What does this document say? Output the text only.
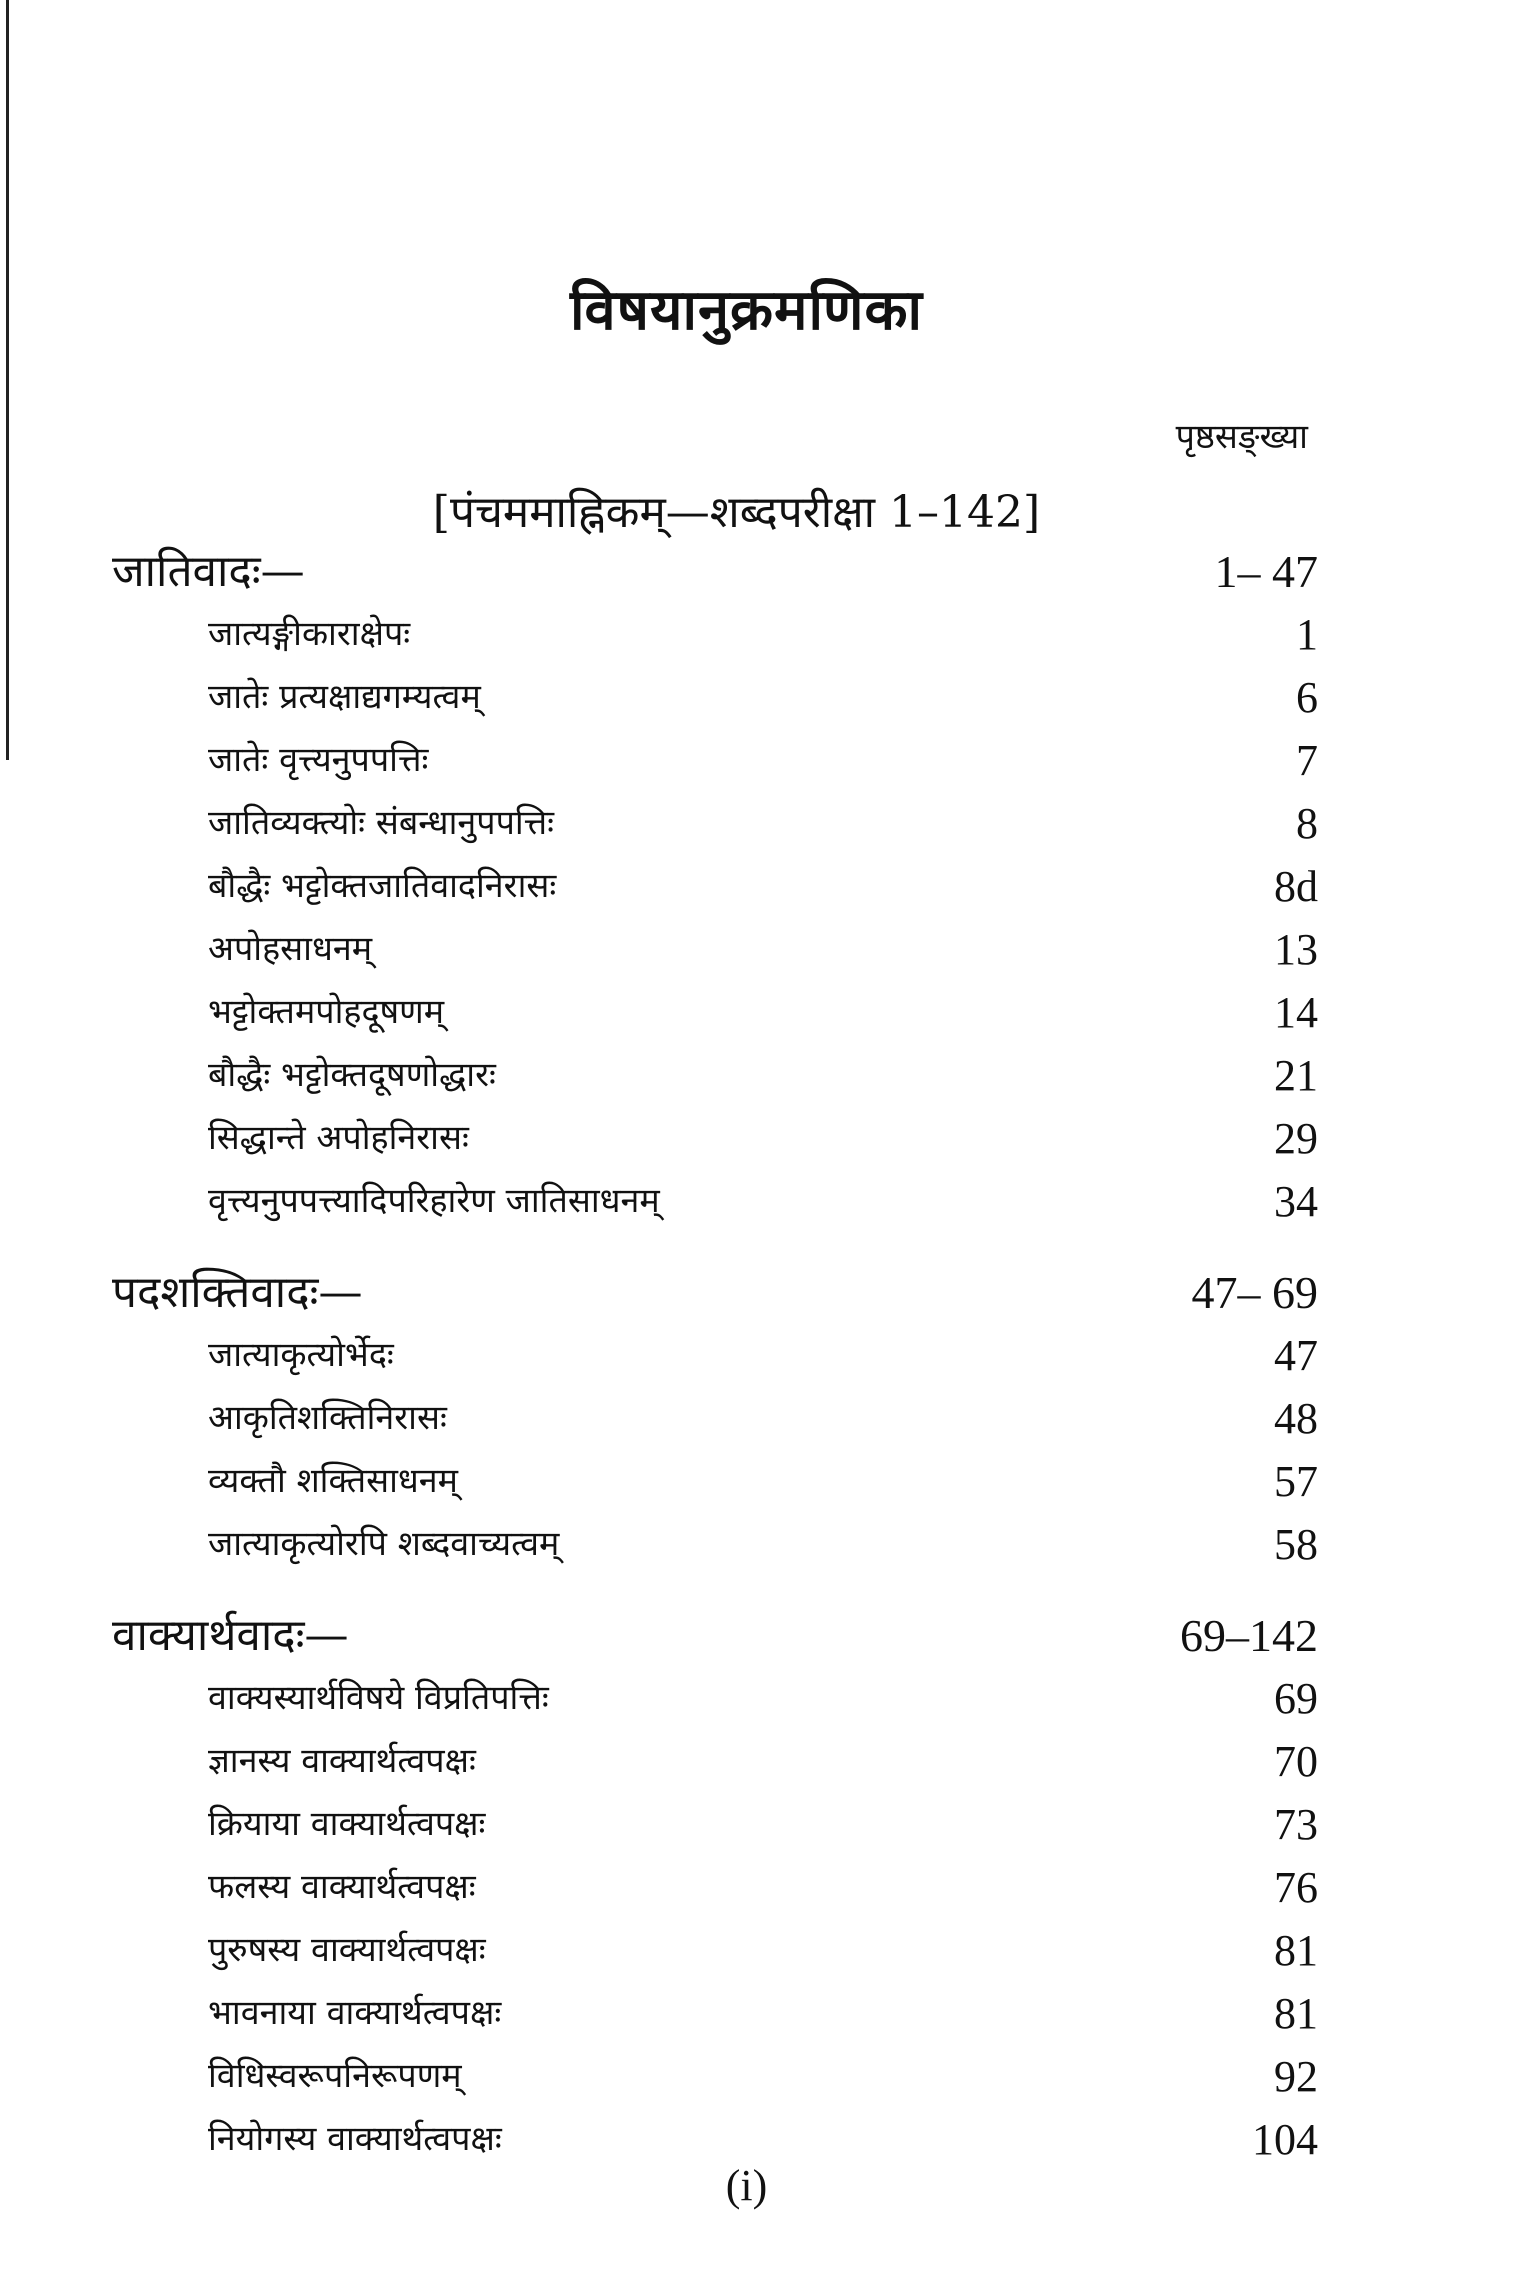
विषयानुक्रमणिका
पृष्ठसङ्ख्या
[पंचममाह्निकम्—शब्दपरीक्षा 1–142]
जातिवादः—	1– 47
जात्यङ्गीकाराक्षेपः	1
जातेः प्रत्यक्षाद्यगम्यत्वम्	6
जातेः वृत्त्यनुपपत्तिः	7
जातिव्यक्त्योः संबन्धानुपपत्तिः	8
बौद्धैः भट्टोक्तजातिवादनिरासः	8d
अपोहसाधनम्	13
भट्टोक्तमपोहदूषणम्	14
बौद्धैः भट्टोक्तदूषणोद्धारः	21
सिद्धान्ते अपोहनिरासः	29
वृत्त्यनुपपत्त्यादिपरिहारेण जातिसाधनम्	34
पदशक्तिवादः—	47– 69
जात्याकृत्योर्भेदः	47
आकृतिशक्तिनिरासः	48
व्यक्तौ शक्तिसाधनम्	57
जात्याकृत्योरपि शब्दवाच्यत्वम्	58
वाक्यार्थवादः—	69–142
वाक्यस्यार्थविषये विप्रतिपत्तिः	69
ज्ञानस्य वाक्यार्थत्वपक्षः	70
क्रियाया वाक्यार्थत्वपक्षः	73
फलस्य वाक्यार्थत्वपक्षः	76
पुरुषस्य वाक्यार्थत्वपक्षः	81
भावनाया वाक्यार्थत्वपक्षः	81
विधिस्वरूपनिरूपणम्	92
नियोगस्य वाक्यार्थत्वपक्षः	104
(i)
